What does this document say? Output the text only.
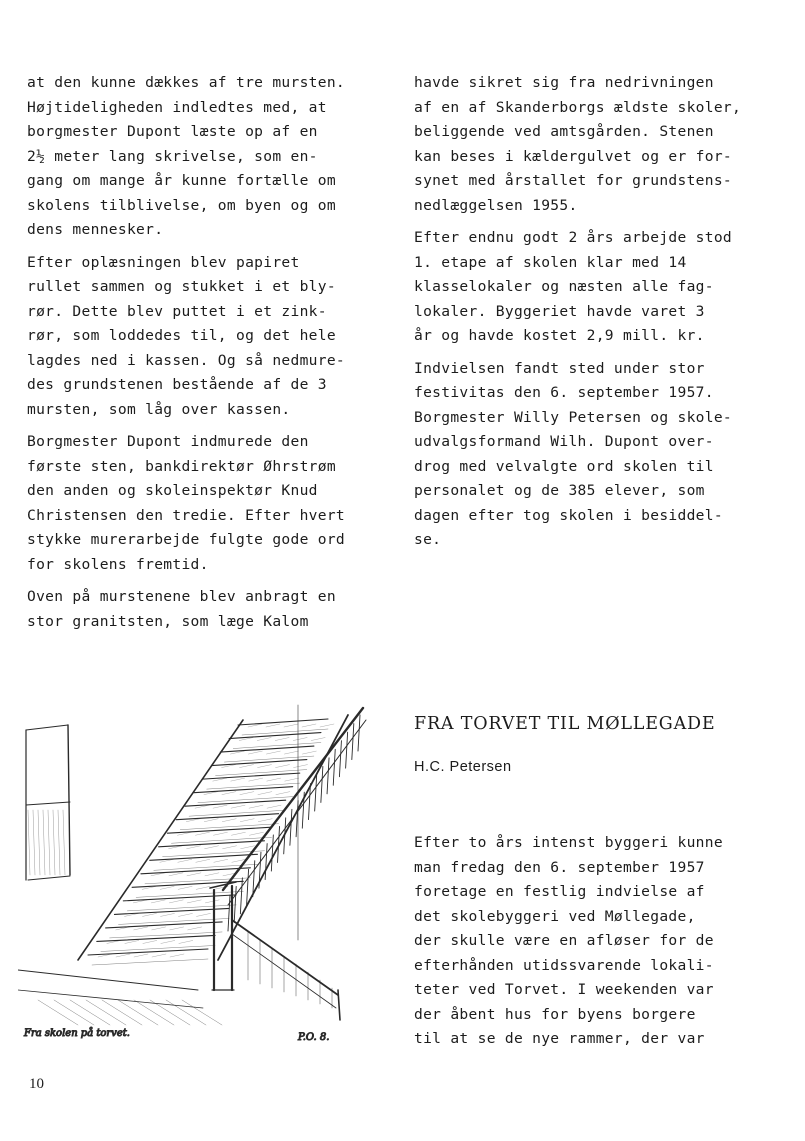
at den kunne dækkes af tre mursten.
Højtideligheden indledtes med, at
borgmester Dupont læste op af en
2½ meter lang skrivelse, som en-
gang om mange år kunne fortælle om
skolens tilblivelse, om byen og om
dens mennesker.

Efter oplæsningen blev papiret
rullet sammen og stukket i et bly-
rør. Dette blev puttet i et zink-
rør, som loddedes til, og det hele
lagdes ned i kassen. Og så nedmure-
des grundstenen bestående af de 3
mursten, som låg over kassen.

Borgmester Dupont indmurede den
første sten, bankdirektør Øhrstrøm
den anden og skoleinspektør Knud
Christensen den tredie. Efter hvert
stykke murerarbejde fulgte gode ord
for skolens fremtid.

Oven på murstenene blev anbragt en
stor granitsten, som læge Kalom

havde sikret sig fra nedrivningen
af en af Skanderborgs ældste skoler,
beliggende ved amtsgården. Stenen
kan beses i kældergulvet og er for-
synet med årstallet for grundstens-
nedlæggelsen 1955.

Efter endnu godt 2 års arbejde stod
1. etape af skolen klar med 14
klasselokaler og næsten alle fag-
lokaler. Byggeriet havde varet 3
år og havde kostet 2,9 mill. kr.

Indvielsen fandt sted under stor
festivitas den 6. september 1957.
Borgmester Willy Petersen og skole-
udvalgsformand Wilh. Dupont over-
drog med velvalgte ord skolen til
personalet og de 385 elever, som
dagen efter tog skolen i besiddel-
se.

Fra skolen på torvet.	P.O. 8.
FRA TORVET TIL MØLLEGADE

H.C. Petersen

Efter to års intenst byggeri kunne
man fredag den 6. september 1957
foretage en festlig indvielse af
det skolebyggeri ved Møllegade,
der skulle være en afløser for de
efterhånden utidssvarende lokali-
teter ved Torvet. I weekenden var
der åbent hus for byens borgere
til at se de nye rammer, der var

10
